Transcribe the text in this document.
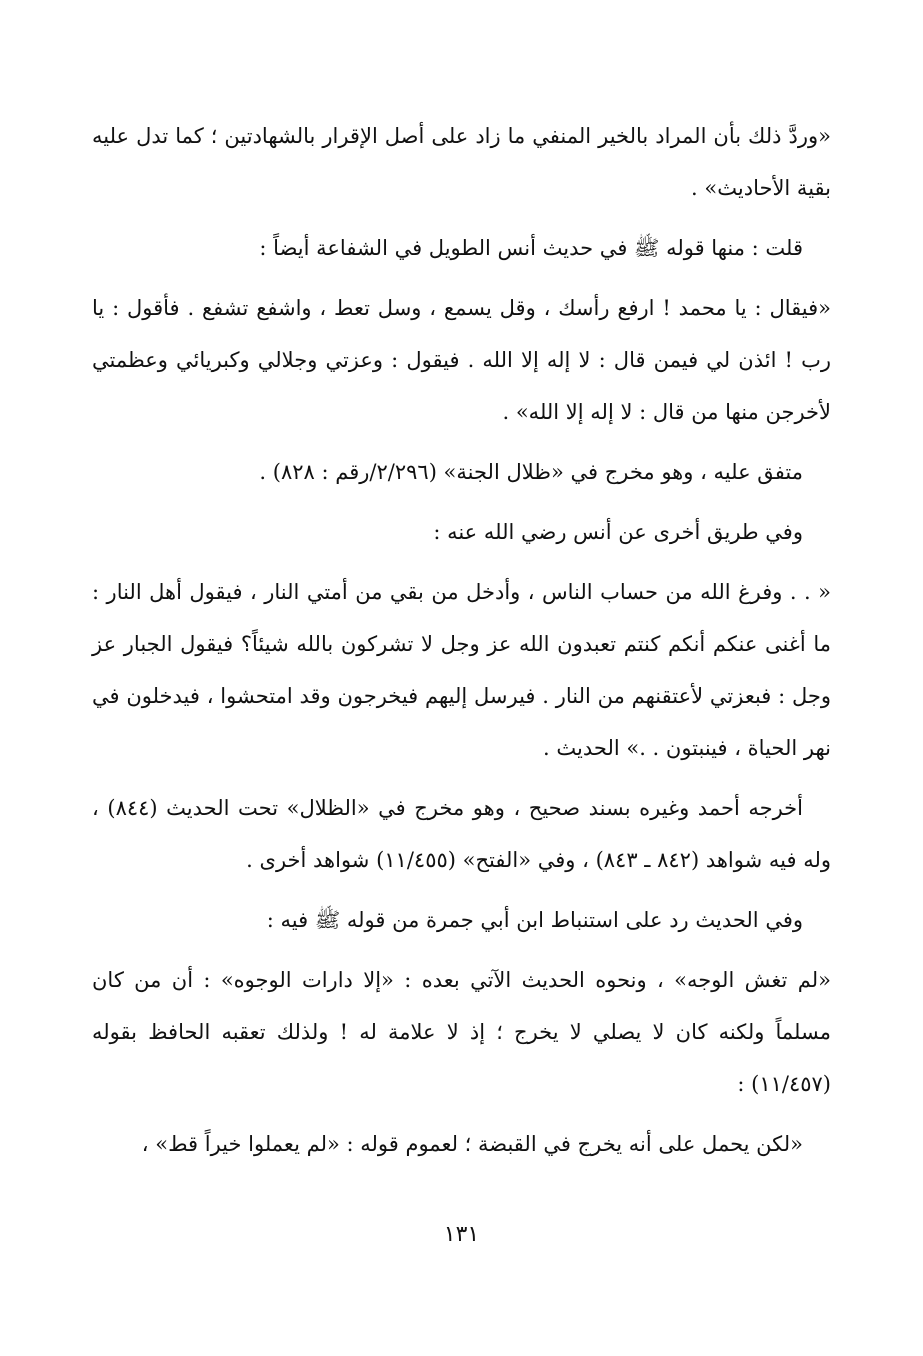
«وردَّ ذلك بأن المراد بالخير المنفي ما زاد على أصل الإقرار بالشهادتين ؛ كما تدل عليه بقية الأحاديث» .

قلت : منها قوله ﷺ في حديث أنس الطويل في الشفاعة أيضاً :

«فيقال : يا محمد ! ارفع رأسك ، وقل يسمع ، وسل تعط ، واشفع تشفع . فأقول : يا رب ! ائذن لي فيمن قال : لا إله إلا الله . فيقول : وعزتي وجلالي وكبريائي وعظمتي لأخرجن منها من قال : لا إله إلا الله» .

متفق عليه ، وهو مخرج في «ظلال الجنة» (٢/٢٩٦/رقم : ٨٢٨) .

وفي طريق أخرى عن أنس رضي الله عنه :

« . . وفرغ الله من حساب الناس ، وأدخل من بقي من أمتي النار ، فيقول أهل النار : ما أغنى عنكم أنكم كنتم تعبدون الله عز وجل لا تشركون بالله شيئاً؟ فيقول الجبار عز وجل : فبعزتي لأعتقنهم من النار . فيرسل إليهم فيخرجون وقد امتحشوا ، فيدخلون في نهر الحياة ، فينبتون . .» الحديث .

أخرجه أحمد وغيره بسند صحيح ، وهو مخرج في «الظلال» تحت الحديث (٨٤٤) ، وله فيه شواهد (٨٤٢ ـ ٨٤٣) ، وفي «الفتح» (١١/٤٥٥) شواهد أخرى .

وفي الحديث رد على استنباط ابن أبي جمرة من قوله ﷺ فيه :

«لم تغش الوجه» ، ونحوه الحديث الآتي بعده : «إلا دارات الوجوه» : أن من كان مسلماً ولكنه كان لا يصلي لا يخرج ؛ إذ لا علامة له ! ولذلك تعقبه الحافظ بقوله (١١/٤٥٧) :

«لكن يحمل على أنه يخرج في القبضة ؛ لعموم قوله : «لم يعملوا خيراً قط» ،

١٣١
